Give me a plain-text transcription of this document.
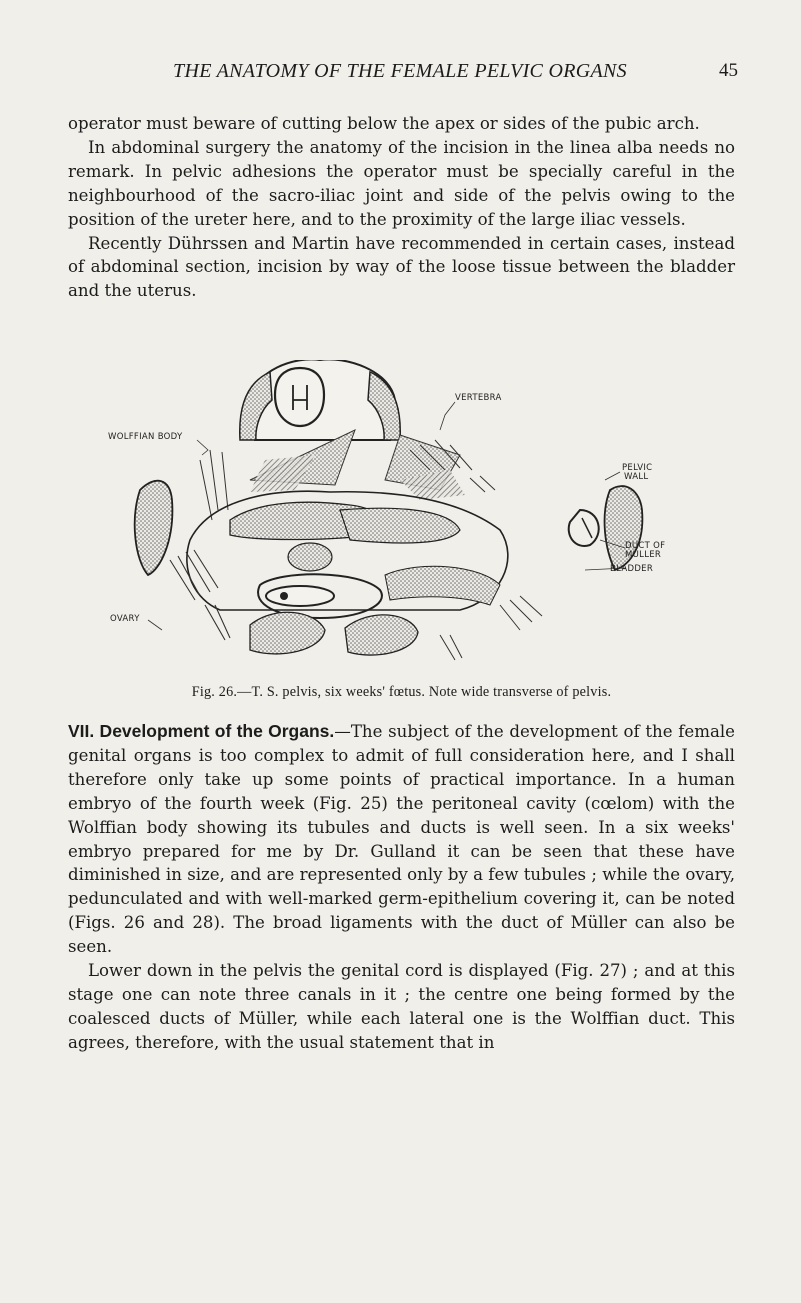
THE ANATOMY OF THE FEMALE PELVIC ORGANS	45

operator must beware of cutting below the apex or sides of the pubic arch.

In abdominal surgery the anatomy of the incision in the linea alba needs no remark. In pelvic adhesions the operator must be specially careful in the neighbourhood of the sacro-iliac joint and side of the pelvis owing to the position of the ureter here, and to the proximity of the large iliac vessels.

Recently Dührssen and Martin have recommended in certain cases, instead of abdominal section, incision by way of the loose tissue between the bladder and the uterus.

VERTEBRA
WOLFFIAN BODY
PELVIC
WALL
DUCT OF
MÜLLER
BLADDER
OVARY
Fig. 26.—T. S. pelvis, six weeks' fœtus. Note wide transverse of pelvis.

VII. Development of the Organs.—The subject of the development of the female genital organs is too complex to admit of full consideration here, and I shall therefore only take up some points of practical importance. In a human embryo of the fourth week (Fig. 25) the peritoneal cavity (cœlom) with the Wolffian body showing its tubules and ducts is well seen. In a six weeks' embryo prepared for me by Dr. Gulland it can be seen that these have diminished in size, and are represented only by a few tubules ; while the ovary, pedunculated and with well-marked germ-epithelium covering it, can be noted (Figs. 26 and 28). The broad ligaments with the duct of Müller can also be seen.

Lower down in the pelvis the genital cord is displayed (Fig. 27) ; and at this stage one can note three canals in it ; the centre one being formed by the coalesced ducts of Müller, while each lateral one is the Wolffian duct. This agrees, therefore, with the usual statement that in
